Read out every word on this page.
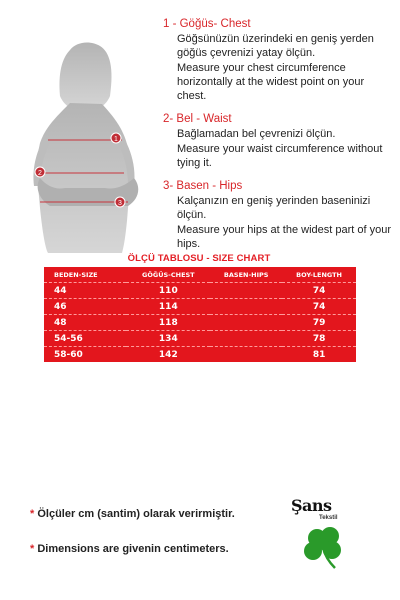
1
2
3
1 - Göğüs- Chest

Göğsünüzün üzerindeki en geniş yerden göğüs çevrenizi yatay ölçün.

Measure your chest circumference horizontally at the widest point on your chest.

2- Bel - Waist

Bağlamadan bel çevrenizi ölçün.

Measure your waist circumference without tying it.

3- Basen - Hips

Kalçanızın en geniş yerinden baseninizi ölçün.

Measure your hips at the widest part of your hips.

ÖLÇÜ TABLOSU - SIZE CHART
BEDEN-SIZE	GÖĞÜS-CHEST	BASEN-HIPS	BOY-LENGTH
44	110		74
46	114		74
48	118		79
54-56	134		78
58-60	142		81
* Ölçüler cm (santim) olarak verirmiştir.
* Dimensions are givenin centimeters.
Şans
Tekstil
